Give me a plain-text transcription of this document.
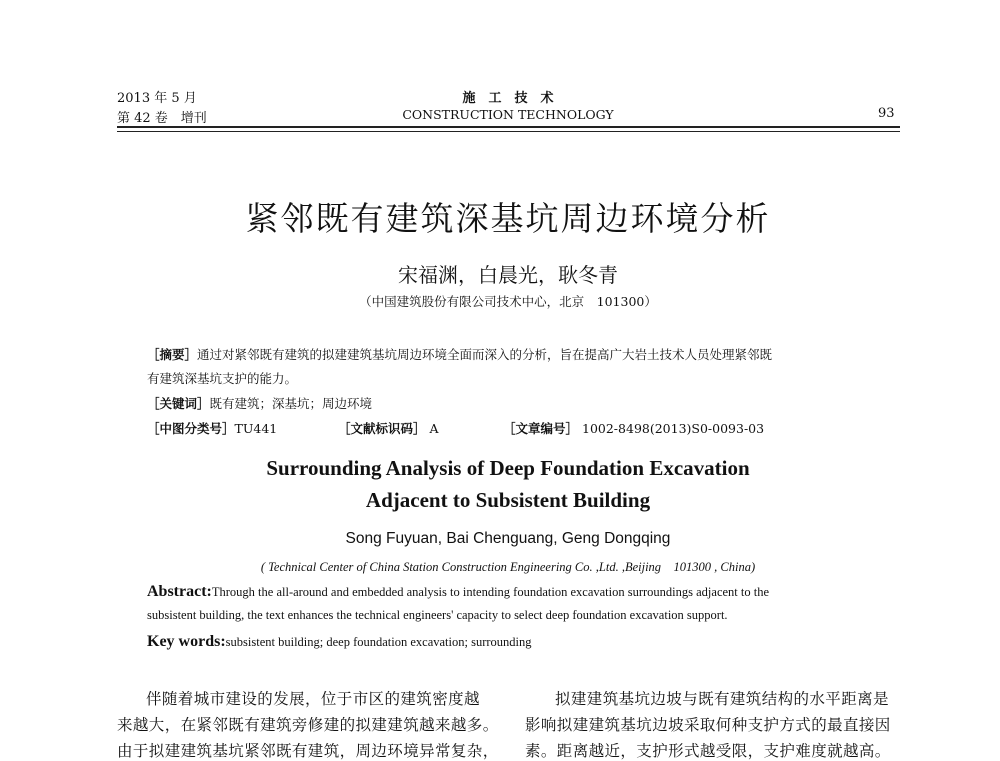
2013 年 5 月
第 42 卷　增刊
施　工　技　术
CONSTRUCTION TECHNOLOGY	93
紧邻既有建筑深基坑周边环境分析
宋福渊，白晨光，耿冬青
（中国建筑股份有限公司技术中心，北京　101300）
［摘要］通过对紧邻既有建筑的拟建建筑基坑周边环境全面而深入的分析，旨在提高广大岩土技术人员处理紧邻既
有建筑深基坑支护的能力。
［关键词］既有建筑；深基坑；周边环境
［中图分类号］TU441	［文献标识码］ A	［文章编号］ 1002-8498(2013)S0-0093-03
Surrounding Analysis of Deep Foundation Excavation
Adjacent to Subsistent Building
Song Fuyuan, Bai Chenguang, Geng Dongqing
( Technical Center of China Station Construction Engineering Co. ,Ltd. ,Beijing　101300 , China)
Abstract:Through the all-around and embedded analysis to intending foundation excavation surroundings adjacent to the
subsistent building, the text enhances the technical engineers' capacity to select deep foundation excavation support.
Key words:subsistent building; deep foundation excavation; surrounding
伴随着城市建设的发展，位于市区的建筑密度越
来越大，在紧邻既有建筑旁修建的拟建建筑越来越多。
由于拟建建筑基坑紧邻既有建筑，周边环境异常复杂，
拟建建筑基坑边坡与既有建筑结构的水平距离是
影响拟建建筑基坑边坡采取何种支护方式的最直接因
素。距离越近，支护形式越受限，支护难度就越高。
